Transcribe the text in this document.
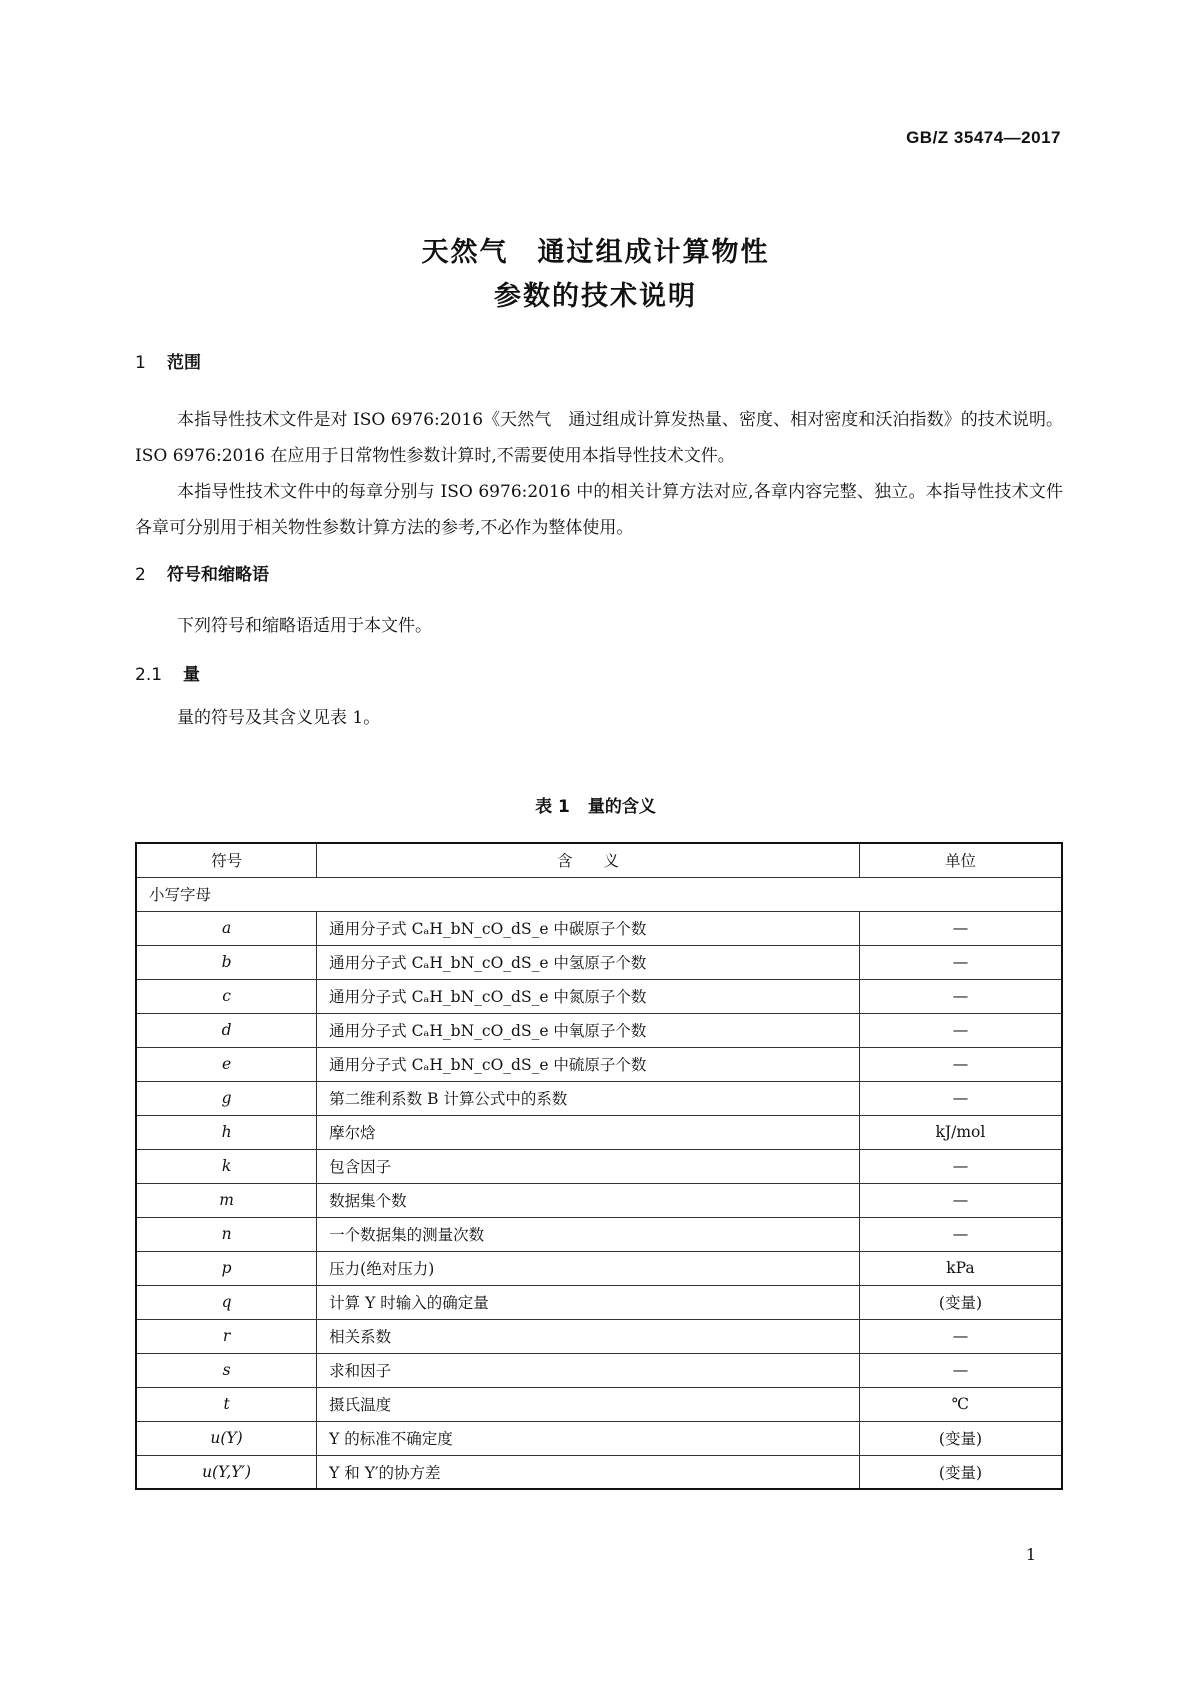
GB/Z 35474—2017
天然气　通过组成计算物性
参数的技术说明
1 范围
本指导性技术文件是对 ISO 6976:2016《天然气　通过组成计算发热量、密度、相对密度和沃泊指数》的技术说明。ISO 6976:2016 在应用于日常物性参数计算时,不需要使用本指导性技术文件。
本指导性技术文件中的每章分别与 ISO 6976:2016 中的相关计算方法对应,各章内容完整、独立。本指导性技术文件各章可分别用于相关物性参数计算方法的参考,不必作为整体使用。
2 符号和缩略语
下列符号和缩略语适用于本文件。
2.1 量
量的符号及其含义见表 1。
表 1 量的含义
符号	含　　义	单位
小写字母		
a	通用分子式 CₐH_bN_cO_dS_e 中碳原子个数	—
b	通用分子式 CₐH_bN_cO_dS_e 中氢原子个数	—
c	通用分子式 CₐH_bN_cO_dS_e 中氮原子个数	—
d	通用分子式 CₐH_bN_cO_dS_e 中氧原子个数	—
e	通用分子式 CₐH_bN_cO_dS_e 中硫原子个数	—
g	第二维利系数 B 计算公式中的系数	—
h	摩尔焓	kJ/mol
k	包含因子	—
m	数据集个数	—
n	一个数据集的测量次数	—
p	压力(绝对压力)	kPa
q	计算 Y 时输入的确定量	(变量)
r	相关系数	—
s	求和因子	—
t	摄氏温度	℃
u(Y)	Y 的标准不确定度	(变量)
u(Y,Y′)	Y 和 Y′的协方差	(变量)
1
